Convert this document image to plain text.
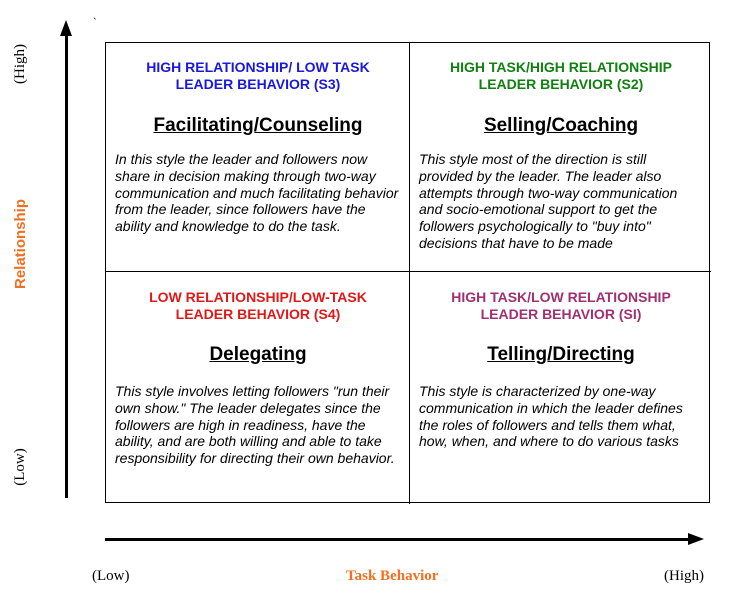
`
(High)
Relationship
(Low)
(Low)	Task Behavior	(High)
HIGH RELATIONSHIP/ LOW TASK
LEADER BEHAVIOR (S3)
Facilitating/Counseling
In this style the leader and followers now share in decision making through two-way communication and much facilitating behavior from the leader, since followers have the ability and knowledge to do the task.
HIGH TASK/HIGH RELATIONSHIP
LEADER BEHAVIOR (S2)
Selling/Coaching
This style most of the direction is still provided by the leader. The leader also attempts through two-way communication and socio-emotional support to get the followers psychologically to "buy into" decisions that have to be made
LOW RELATIONSHIP/LOW-TASK
LEADER BEHAVIOR (S4)
Delegating
This style involves letting followers "run their own show." The leader delegates since the followers are high in readiness, have the ability, and are both willing and able to take responsibility for directing their own behavior.
HIGH TASK/LOW RELATIONSHIP
LEADER BEHAVIOR (SI)
Telling/Directing
This style is characterized by one-way communication in which the leader defines the roles of followers and tells them what, how, when, and where to do various tasks
